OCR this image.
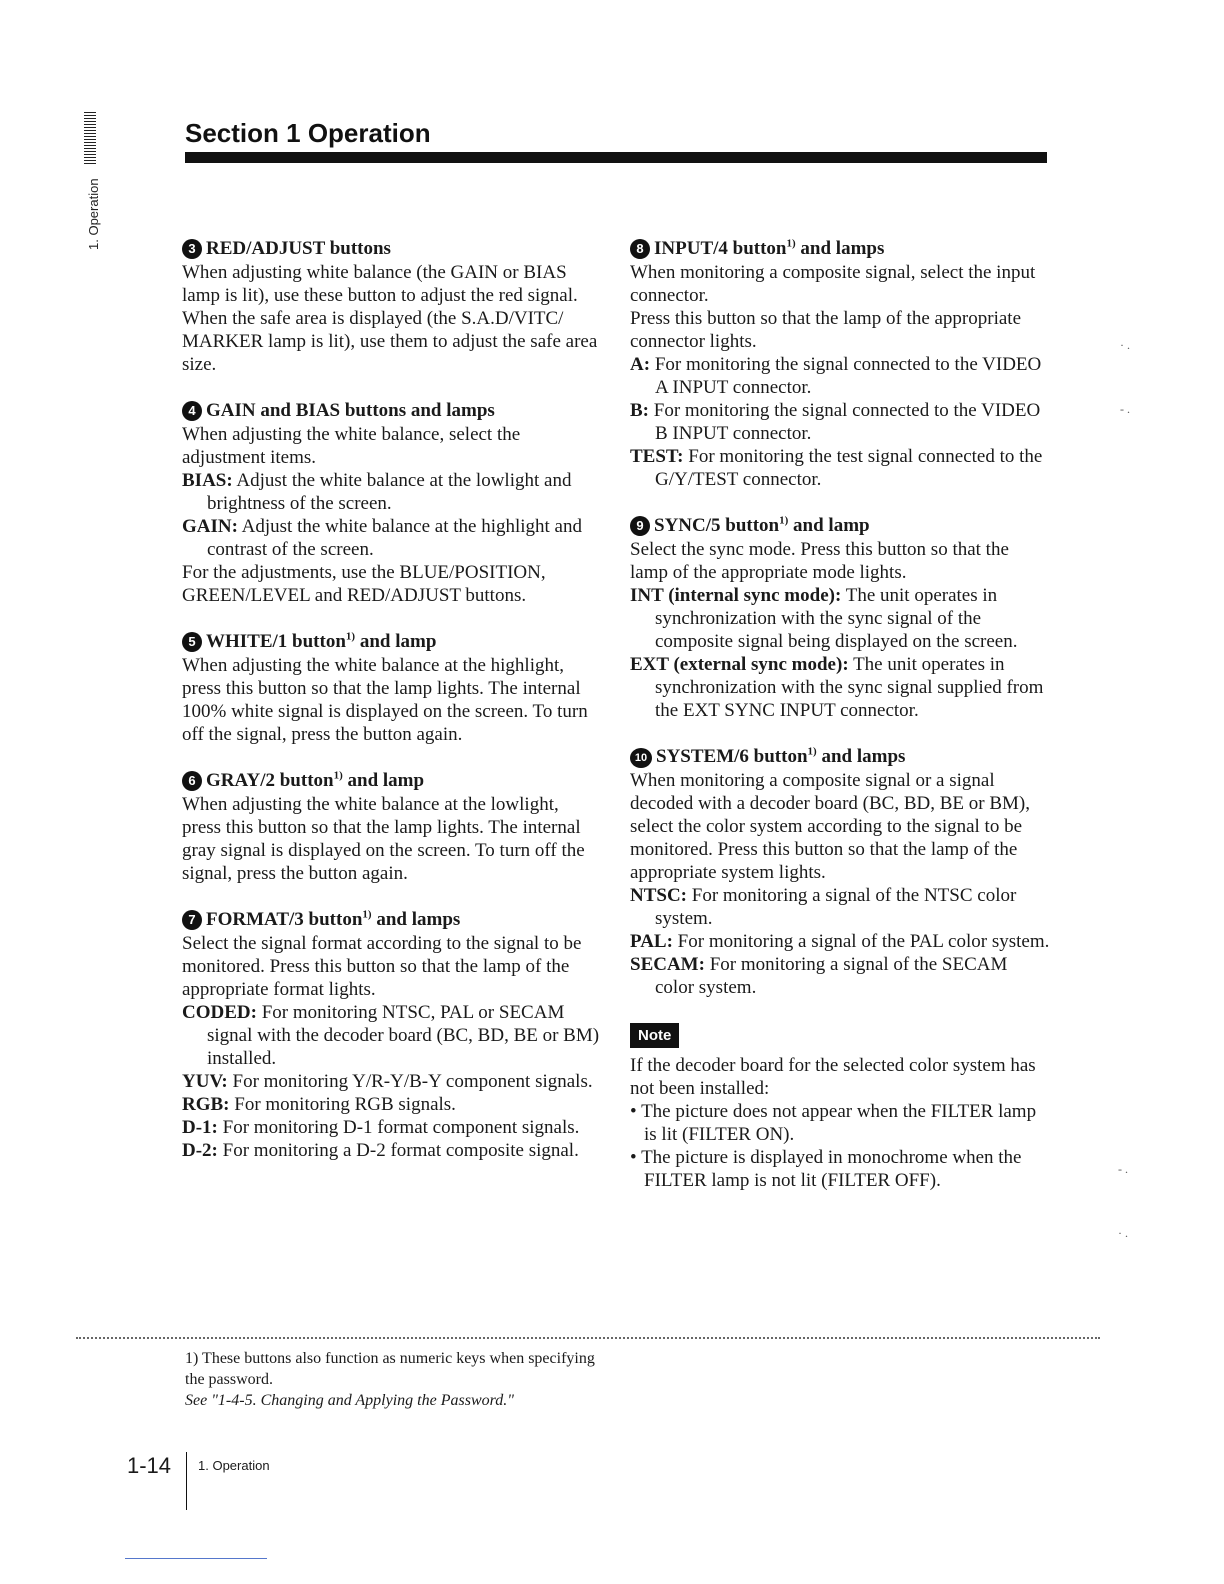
1. Operation
Section 1 Operation
3 RED/ADJUST buttons

When adjusting white balance (the GAIN or BIAS lamp is lit), use these button to adjust the red signal.

When the safe area is displayed (the S.A.D/VITC/ MARKER lamp is lit), use them to adjust the safe area size.

4 GAIN and BIAS buttons and lamps

When adjusting the white balance, select the adjustment items.

BIAS: Adjust the white balance at the lowlight and brightness of the screen.

GAIN: Adjust the white balance at the highlight and contrast of the screen.

For the adjustments, use the BLUE/POSITION, GREEN/LEVEL and RED/ADJUST buttons.

5 WHITE/1 button$^{1)}$ and lamp

When adjusting the white balance at the highlight, press this button so that the lamp lights. The internal 100% white signal is displayed on the screen. To turn off the signal, press the button again.

6 GRAY/2 button$^{1)}$ and lamp

When adjusting the white balance at the lowlight, press this button so that the lamp lights. The internal gray signal is displayed on the screen. To turn off the signal, press the button again.

7 FORMAT/3 button$^{1)}$ and lamps

Select the signal format according to the signal to be monitored. Press this button so that the lamp of the appropriate format lights.

CODED: For monitoring NTSC, PAL or SECAM signal with the decoder board (BC, BD, BE or BM) installed.

YUV: For monitoring Y/R-Y/B-Y component signals.

RGB: For monitoring RGB signals.

D-1: For monitoring D-1 format component signals.

D-2: For monitoring a D-2 format composite signal.

8 INPUT/4 button$^{1)}$ and lamps

When monitoring a composite signal, select the input connector.

Press this button so that the lamp of the appropriate connector lights.

A: For monitoring the signal connected to the VIDEO A INPUT connector.

B: For monitoring the signal connected to the VIDEO B INPUT connector.

TEST: For monitoring the test signal connected to the G/Y/TEST connector.

9 SYNC/5 button$^{1)}$ and lamp

Select the sync mode. Press this button so that the lamp of the appropriate mode lights.

INT (internal sync mode): The unit operates in synchronization with the sync signal of the composite signal being displayed on the screen.

EXT (external sync mode): The unit operates in synchronization with the sync signal supplied from the EXT SYNC INPUT connector.

10 SYSTEM/6 button$^{1)}$ and lamps

When monitoring a composite signal or a signal decoded with a decoder board (BC, BD, BE or BM), select the color system according to the signal to be monitored. Press this button so that the lamp of the appropriate system lights.

NTSC: For monitoring a signal of the NTSC color system.

PAL: For monitoring a signal of the PAL color system.

SECAM: For monitoring a signal of the SECAM color system.

Note

If the decoder board for the selected color system has not been installed:

• The picture does not appear when the FILTER lamp is lit (FILTER ON).

• The picture is displayed in monochrome when the FILTER lamp is not lit (FILTER OFF).

1) These buttons also function as numeric keys when specifying the password.

See "1-4-5. Changing and Applying the Password."

1-14 1. Operation
· .
- .
- .
· .
